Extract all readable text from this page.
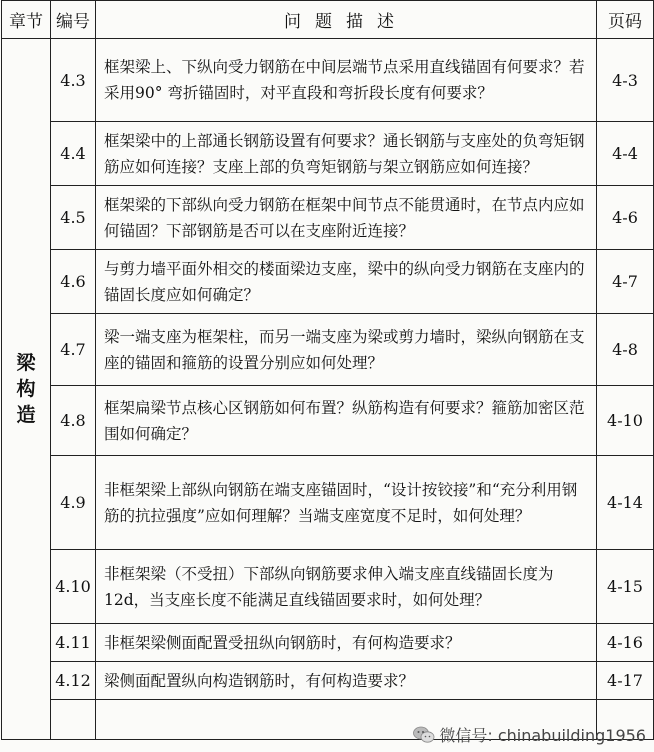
章节	编号	问题描述	页码
梁构造	4.3	框架梁上、下纵向受力钢筋在中间层端节点采用直线锚固有何要求？若采用90° 弯折锚固时，对平直段和弯折段长度有何要求？	4-3
	4.4	框架梁中的上部通长钢筋设置有何要求？通长钢筋与支座处的负弯矩钢筋应如何连接？支座上部的负弯矩钢筋与架立钢筋应如何连接？	4-4
	4.5	框架梁的下部纵向受力钢筋在框架中间节点不能贯通时，在节点内应如何锚固？下部钢筋是否可以在支座附近连接？	4-6
	4.6	与剪力墙平面外相交的楼面梁边支座，梁中的纵向受力钢筋在支座内的锚固长度应如何确定？	4-7
	4.7	梁一端支座为框架柱，而另一端支座为梁或剪力墙时，梁纵向钢筋在支座的锚固和箍筋的设置分别应如何处理？	4-8
	4.8	框架扁梁节点核心区钢筋如何布置？纵筋构造有何要求？箍筋加密区范围如何确定？	4-10
	4.9	非框架梁上部纵向钢筋在端支座锚固时，“设计按铰接”和“充分利用钢筋的抗拉强度”应如何理解？当端支座宽度不足时，如何处理？	4-14
	4.10	非框架梁（不受扭）下部纵向钢筋要求伸入端支座直线锚固长度为12d，当支座长度不能满足直线锚固要求时，如何处理？	4-15
	4.11	非框架梁侧面配置受扭纵向钢筋时，有何构造要求？	4-16
	4.12	梁侧面配置纵向构造钢筋时，有何构造要求？	4-17

微信号: chinabuilding1956
